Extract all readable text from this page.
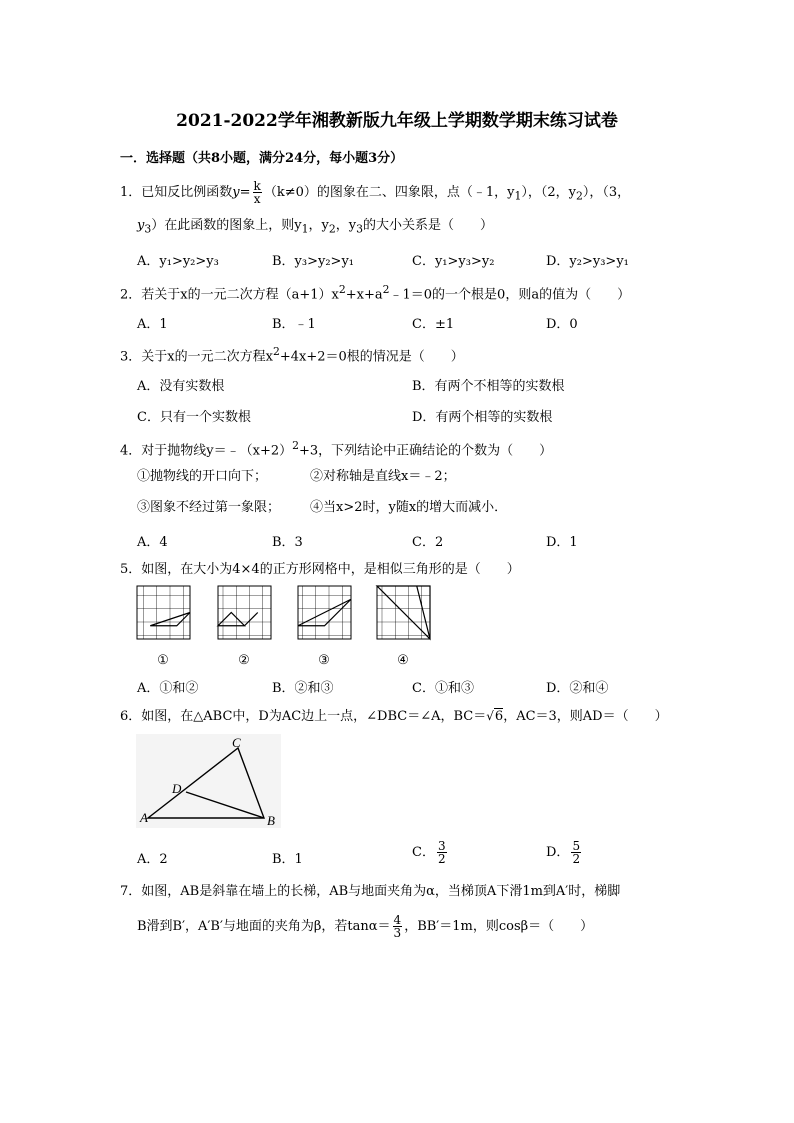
2021-2022学年湘教新版九年级上学期数学期末练习试卷
一．选择题（共8小题，满分24分，每小题3分）
1．已知反比例函数$y= \frac{k}{x} (k\ne 0)$的图象在二、四象限，点（﹣1，$y_1$），（2，$y_2$），（3，
$y_3$）在此函数的图象上，则$y_1$，$y_2$，$y_3$的大小关系是（　　）
A．y₁>y₂>y₃	B．y₃>y₂>y₁	C．y₁>y₃>y₂	D．y₂>y₃>y₁
2．若关于x的一元二次方程$(a+1)x^2+x+a^2﹣1=0$的一个根是0，则a的值为（　　）
A．1	B．﹣1	C．±1	D．0
3．关于x的一元二次方程$x^2+4x+2=0$根的情况是（　　）
A．没有实数根	B．有两个不相等的实数根
C．只有一个实数根	D．有两个相等的实数根
4．对于抛物线$y=﹣(x+2)^2+3$，下列结论中正确结论的个数为（　　）
①抛物线的开口向下；	②对称轴是直线x＝﹣2；
③图象不经过第一象限； ④当x>2时，y随x的增大而减小．
A．4	B．3	C．2	D．1
5．如图，在大小为4×4的正方形网格中，是相似三角形的是（　　）
①	②	③	④
A．①和②	B．②和③	C．①和③	D．②和④
6．如图，在△ABC中，D为AC边上一点，∠DBC＝∠A，BC＝√6，AC＝3，则AD＝（　　）
A	B
C
D
A．2	B．1	C． $\frac{3}{2}$	D． $\frac{5}{2}$
7．如图，AB是斜靠在墙上的长梯，AB与地面夹角为α，当梯顶A下滑1m到A′时，梯脚
B滑到B′，A′B′与地面的夹角为β，若$\tan\alpha= \frac{4}{3}$ ，BB′＝1m，则cosβ＝（　　）
